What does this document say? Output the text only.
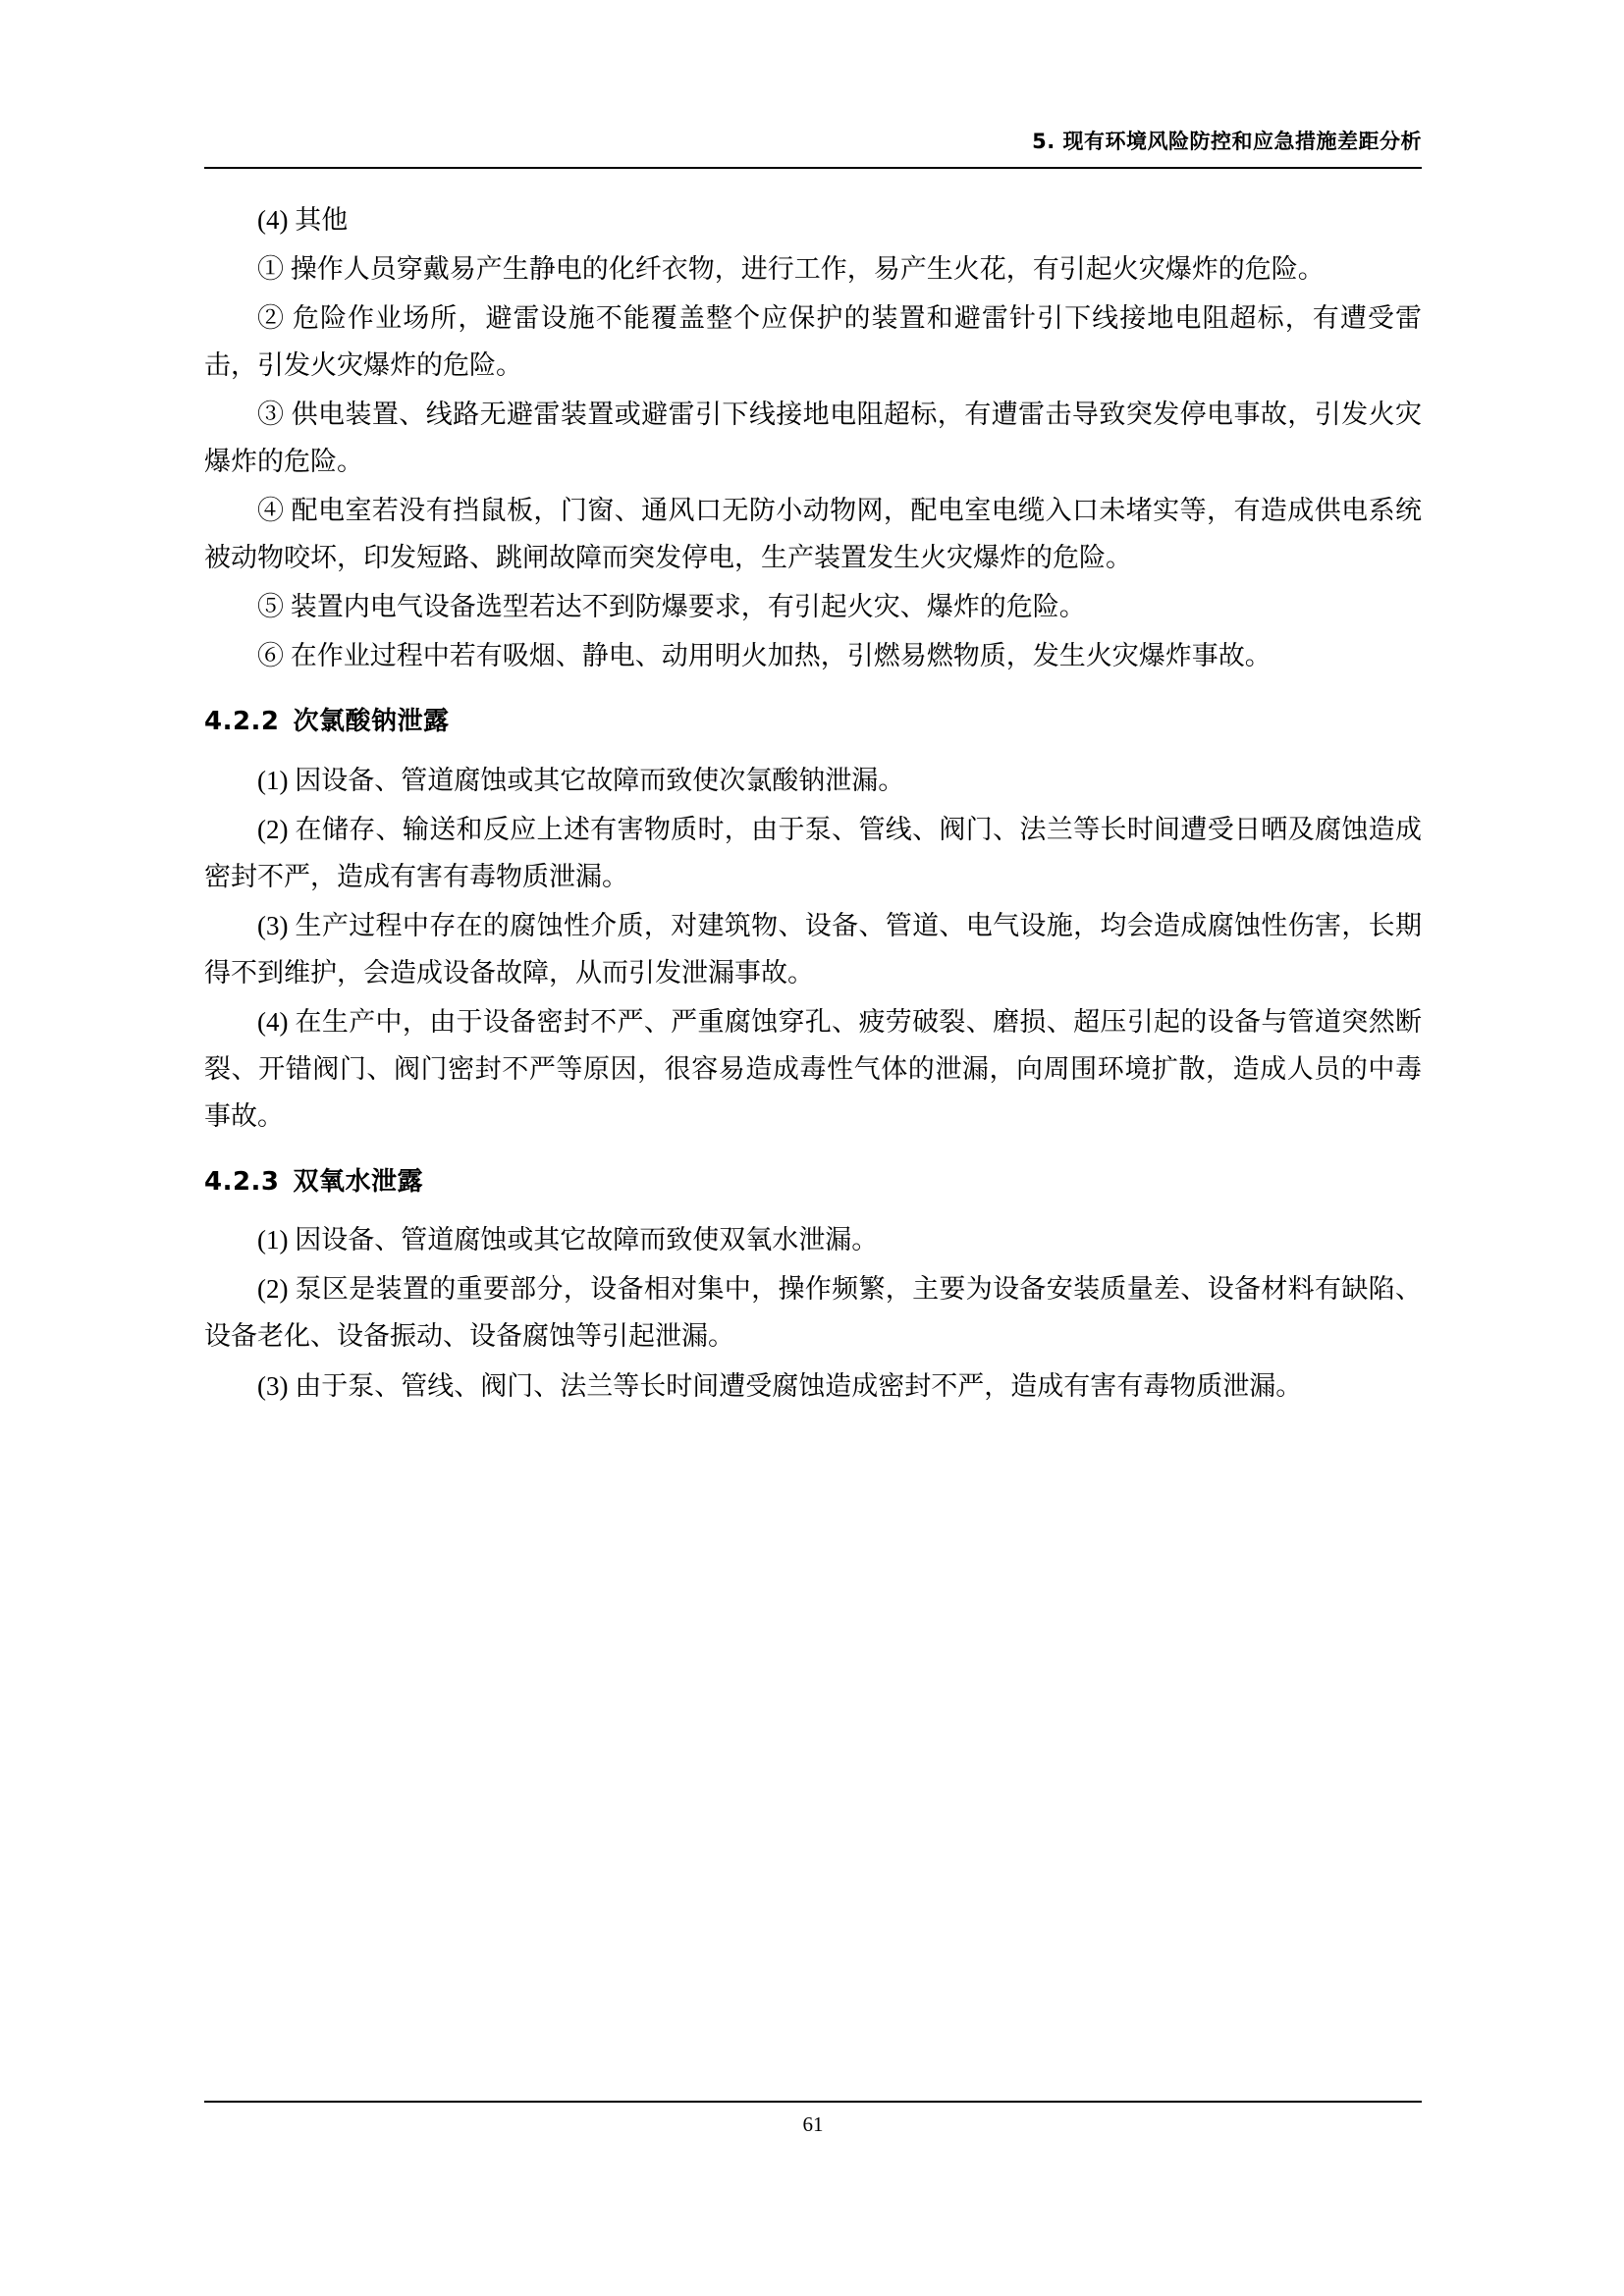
5. 现有环境风险防控和应急措施差距分析

(4) 其他

① 操作人员穿戴易产生静电的化纤衣物，进行工作，易产生火花，有引起火灾爆炸的危险。

② 危险作业场所，避雷设施不能覆盖整个应保护的装置和避雷针引下线接地电阻超标，有遭受雷击，引发火灾爆炸的危险。

③ 供电装置、线路无避雷装置或避雷引下线接地电阻超标，有遭雷击导致突发停电事故，引发火灾爆炸的危险。

④ 配电室若没有挡鼠板，门窗、通风口无防小动物网，配电室电缆入口未堵实等，有造成供电系统被动物咬坏，印发短路、跳闸故障而突发停电，生产装置发生火灾爆炸的危险。

⑤ 装置内电气设备选型若达不到防爆要求，有引起火灾、爆炸的危险。

⑥ 在作业过程中若有吸烟、静电、动用明火加热，引燃易燃物质，发生火灾爆炸事故。

4.2.2 次氯酸钠泄露

(1) 因设备、管道腐蚀或其它故障而致使次氯酸钠泄漏。

(2) 在储存、输送和反应上述有害物质时，由于泵、管线、阀门、法兰等长时间遭受日晒及腐蚀造成密封不严，造成有害有毒物质泄漏。

(3) 生产过程中存在的腐蚀性介质，对建筑物、设备、管道、电气设施，均会造成腐蚀性伤害，长期得不到维护，会造成设备故障，从而引发泄漏事故。

(4) 在生产中，由于设备密封不严、严重腐蚀穿孔、疲劳破裂、磨损、超压引起的设备与管道突然断裂、开错阀门、阀门密封不严等原因，很容易造成毒性气体的泄漏，向周围环境扩散，造成人员的中毒事故。

4.2.3 双氧水泄露

(1) 因设备、管道腐蚀或其它故障而致使双氧水泄漏。

(2) 泵区是装置的重要部分，设备相对集中，操作频繁，主要为设备安装质量差、设备材料有缺陷、设备老化、设备振动、设备腐蚀等引起泄漏。

(3) 由于泵、管线、阀门、法兰等长时间遭受腐蚀造成密封不严，造成有害有毒物质泄漏。

61
